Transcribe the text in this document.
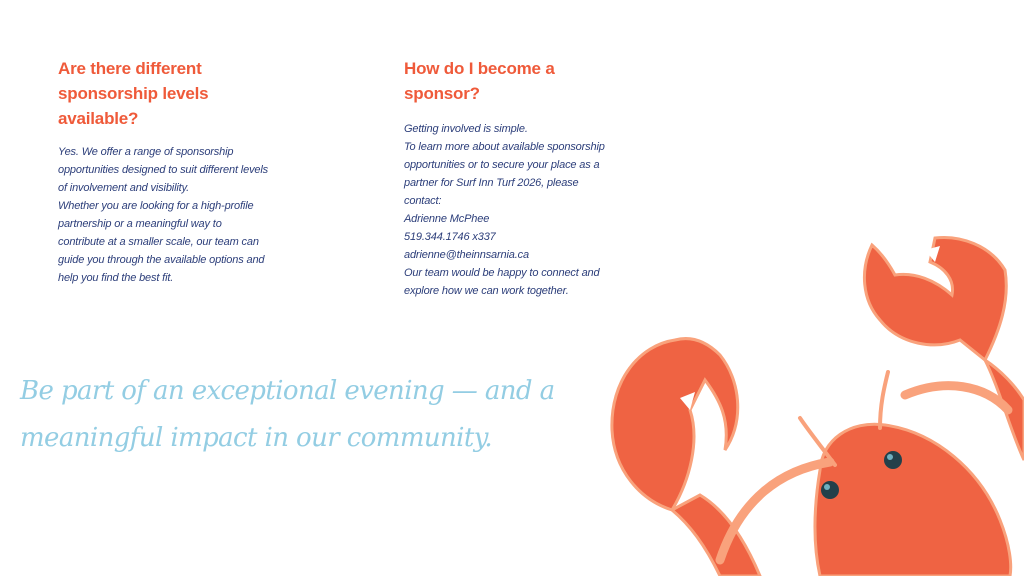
Are there different sponsorship levels available?
Yes. We offer a range of sponsorship
opportunities designed to suit different levels
of involvement and visibility.
Whether you are looking for a high-profile
partnership or a meaningful way to
contribute at a smaller scale, our team can
guide you through the available options and
help you find the best fit.
How do I become a sponsor?
Getting involved is simple.
To learn more about available sponsorship
opportunities or to secure your place as a
partner for Surf Inn Turf 2026, please
contact:
Adrienne McPhee
519.344.1746 x337
adrienne@theinnsarnia.ca
Our team would be happy to connect and
explore how we can work together.
Be part of an exceptional evening — and a
meaningful impact in our community.
